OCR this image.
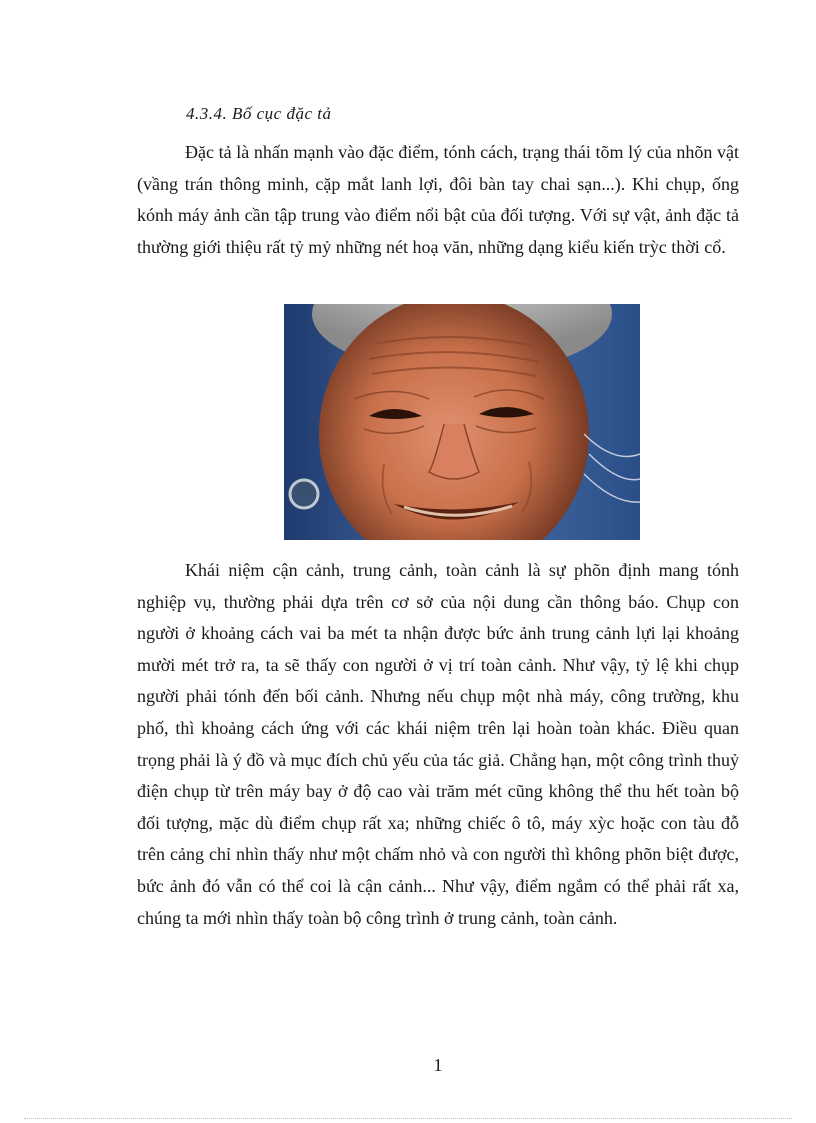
4.3.4. Bố cục đặc tả

Đặc tả là nhấn mạnh vào đặc điểm, tónh cách, trạng thái tõm lý của nhõn vật (vầng trán thông minh, cặp mắt lanh lợi, đôi bàn tay chai sạn...). Khi chụp, ống kónh máy ảnh cần tập trung vào điểm nổi bật của đối tượng. Với sự vật, ảnh đặc tả thường giới thiệu rất tỷ mỷ những nét hoạ văn, những dạng kiểu kiến trỳc thời cổ.

Khái niệm cận cảnh, trung cảnh, toàn cảnh là sự phõn định mang tónh nghiệp vụ, thường phải dựa trên cơ sở của nội dung cần thông báo. Chụp con người ở khoảng cách vai ba mét ta nhận được bức ảnh trung cảnh lựi lại khoảng mười mét trở ra, ta sẽ thấy con người ở vị trí toàn cảnh. Như vậy, tỷ lệ khi chụp người phải tónh đến bối cảnh. Nhưng nếu chụp một nhà máy, công trường, khu phố, thì khoảng cách ứng với các khái niệm trên lại hoàn toàn khác. Điều quan trọng phải là ý đồ và mục đích chủ yếu của tác giả. Chẳng hạn, một công trình thuỷ điện chụp từ trên máy bay ở độ cao vài trăm mét cũng không thể thu hết toàn bộ đối tượng, mặc dù điểm chụp rất xa; những chiếc ô tô, máy xỳc hoặc con tàu đỗ trên cảng chỉ nhìn thấy như một chấm nhỏ và con người thì không phõn biệt được, bức ảnh đó vẫn có thể coi là cận cảnh... Như vậy, điểm ngắm có thể phải rất xa, chúng ta mới nhìn thấy toàn bộ công trình ở trung cảnh, toàn cảnh.

1
